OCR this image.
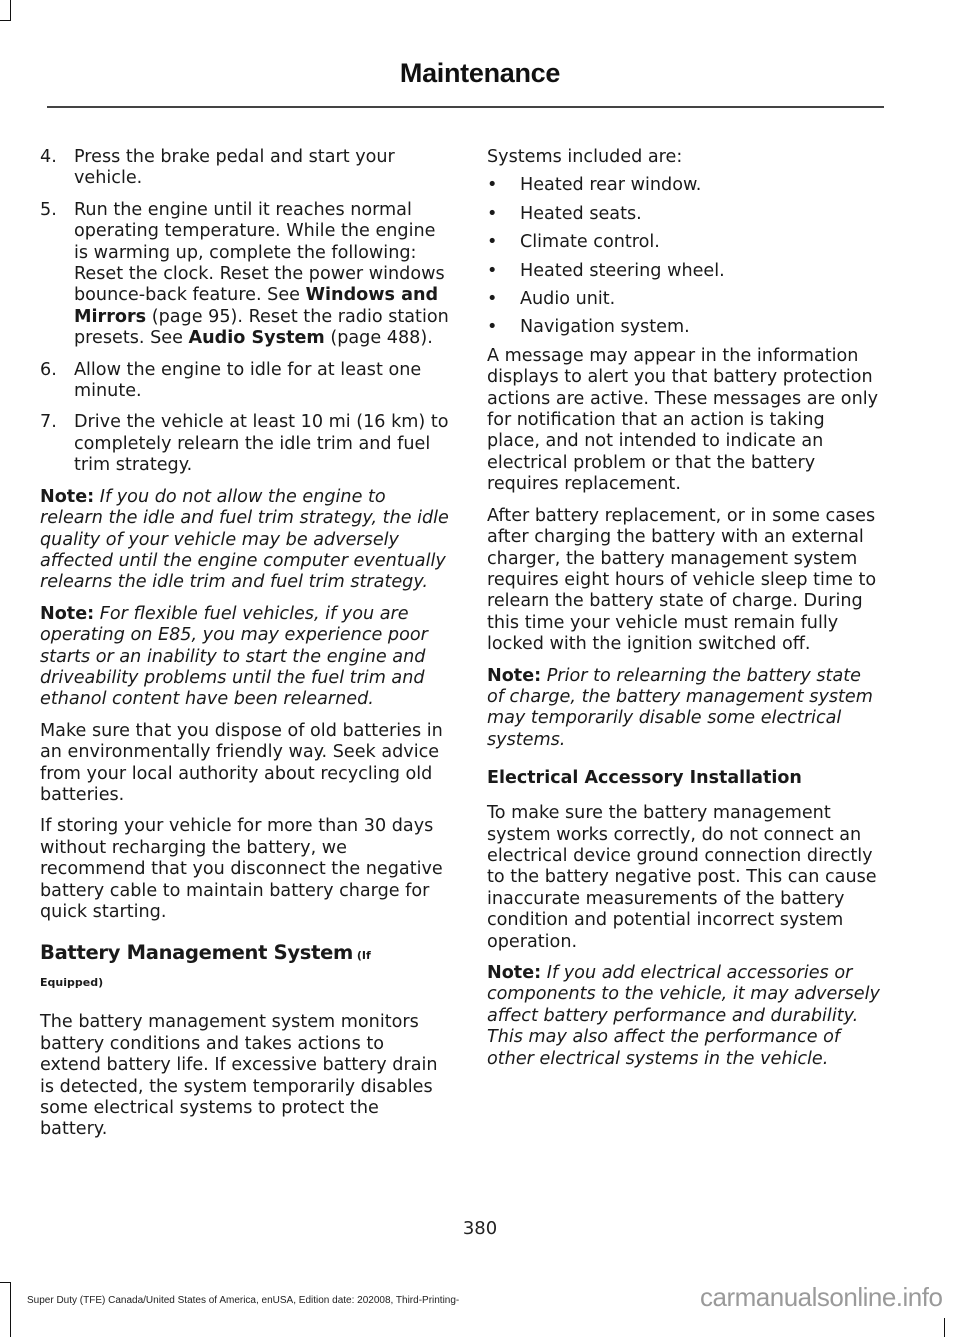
Maintenance
4. Press the brake pedal and start your vehicle.
5. Run the engine until it reaches normal operating temperature. While the engine is warming up, complete the following: Reset the clock. Reset the power windows bounce-back feature. See Windows and Mirrors (page 95). Reset the radio station presets. See Audio System (page 488).
6. Allow the engine to idle for at least one minute.
7. Drive the vehicle at least 10 mi (16 km) to completely relearn the idle trim and fuel trim strategy.

Note: If you do not allow the engine to relearn the idle and fuel trim strategy, the idle quality of your vehicle may be adversely affected until the engine computer eventually relearns the idle trim and fuel trim strategy.

Note: For flexible fuel vehicles, if you are operating on E85, you may experience poor starts or an inability to start the engine and driveability problems until the fuel trim and ethanol content have been relearned.

Make sure that you dispose of old batteries in an environmentally friendly way. Seek advice from your local authority about recycling old batteries.

If storing your vehicle for more than 30 days without recharging the battery, we recommend that you disconnect the negative battery cable to maintain battery charge for quick starting.

Battery Management System (If
Equipped)

The battery management system monitors battery conditions and takes actions to extend battery life. If excessive battery drain is detected, the system temporarily disables some electrical systems to protect the battery.

Systems included are:

•	Heated rear window.
•	Heated seats.
•	Climate control.
•	Heated steering wheel.
•	Audio unit.
•	Navigation system.

A message may appear in the information displays to alert you that battery protection actions are active. These messages are only for notification that an action is taking place, and not intended to indicate an electrical problem or that the battery requires replacement.

After battery replacement, or in some cases after charging the battery with an external charger, the battery management system requires eight hours of vehicle sleep time to relearn the battery state of charge. During this time your vehicle must remain fully locked with the ignition switched off.

Note: Prior to relearning the battery state of charge, the battery management system may temporarily disable some electrical systems.

Electrical Accessory Installation

To make sure the battery management system works correctly, do not connect an electrical device ground connection directly to the battery negative post. This can cause inaccurate measurements of the battery condition and potential incorrect system operation.

Note: If you add electrical accessories or components to the vehicle, it may adversely affect battery performance and durability. This may also affect the performance of other electrical systems in the vehicle.

380
Super Duty (TFE) Canada/United States of America, enUSA, Edition date: 202008, Third-Printing-	carmanualsonline.info
